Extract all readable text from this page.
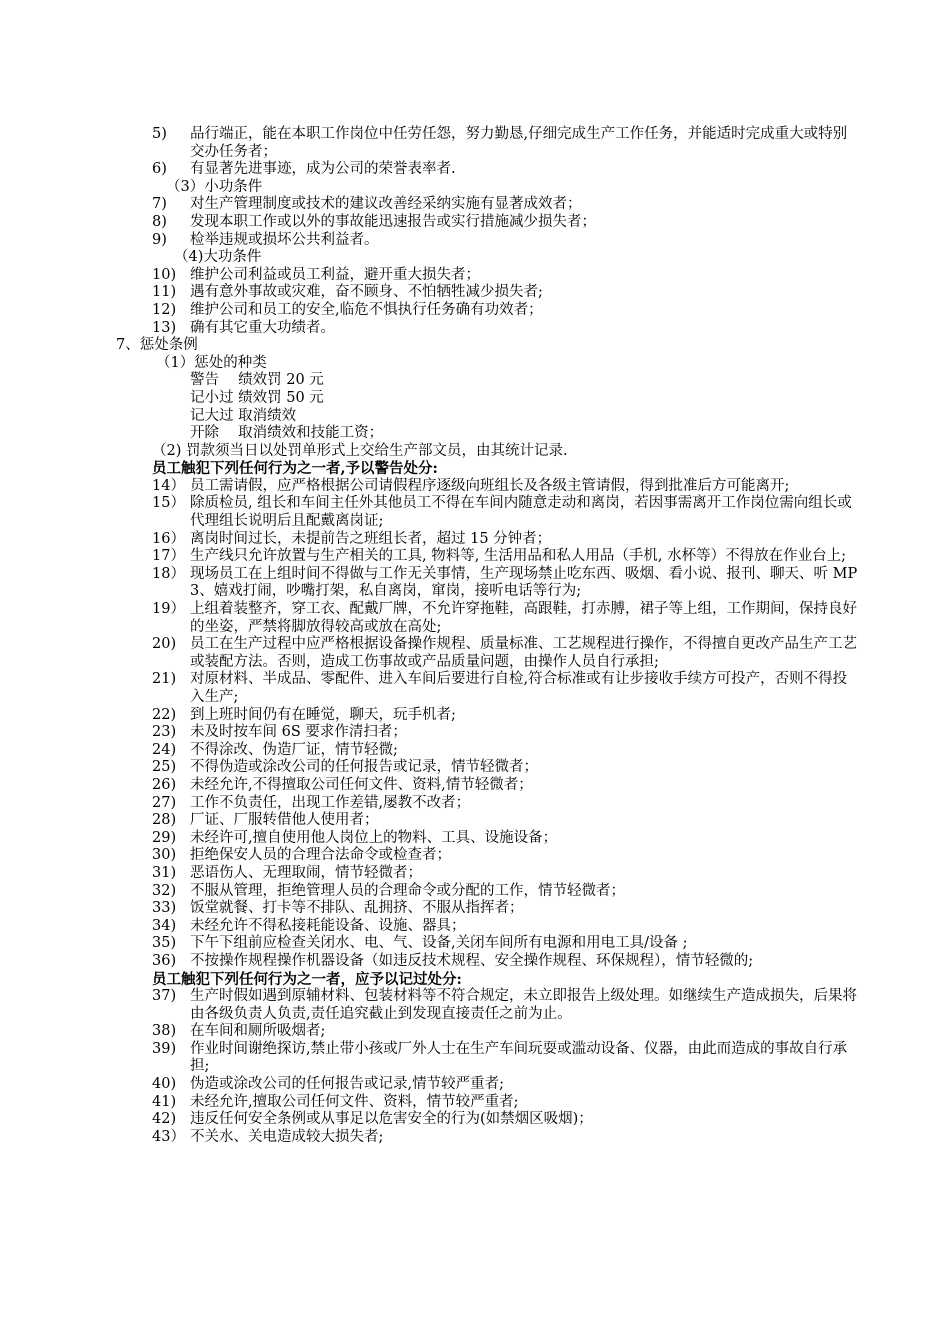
5) 品行端正，能在本职工作岗位中任劳任怨，努力勤恳,仔细完成生产工作任务，并能适时完成重大或特别交办任务者；
6) 有显著先进事迹，成为公司的荣誉表率者.
（3）小功条件
7) 对生产管理制度或技术的建议改善经采纳实施有显著成效者；
8) 发现本职工作或以外的事故能迅速报告或实行措施减少损失者；
9) 检举违规或损坏公共利益者。
（4)大功条件
10) 维护公司利益或员工利益，避开重大损失者；
11) 遇有意外事故或灾难，奋不顾身、不怕牺牲减少损失者;
12) 维护公司和员工的安全,临危不惧执行任务确有功效者；
13) 确有其它重大功绩者。
7、惩处条例
（1）惩处的种类
警告　 绩效罚 20 元
记小过 绩效罚 50 元
记大过 取消绩效
开除　 取消绩效和技能工资；
（2) 罚款须当日以处罚单形式上交给生产部文员，由其统计记录.
员工触犯下列任何行为之一者,予以警告处分:
14） 员工需请假，应严格根据公司请假程序逐级向班组长及各级主管请假，得到批准后方可能离开;
15） 除质检员, 组长和车间主任外其他员工不得在车间内随意走动和离岗，若因事需离开工作岗位需向组长或代理组长说明后且配戴离岗证;
16） 离岗时间过长，未提前告之班组长者，超过 15 分钟者；
17） 生产线只允许放置与生产相关的工具, 物料等, 生活用品和私人用品（手机, 水杯等）不得放在作业台上;
18） 现场员工在上组时间不得做与工作无关事情，生产现场禁止吃东西、吸烟、看小说、报刊、聊天、听 MP3、嬉戏打闹，吵嘴打架，私自离岗，窜岗，接听电话等行为;
19） 上组着装整齐，穿工衣、配戴厂牌，不允许穿拖鞋，高跟鞋，打赤膊，裙子等上组，工作期间，保持良好的坐姿，严禁将脚放得较高或放在高处;
20) 员工在生产过程中应严格根据设备操作规程、质量标准、工艺规程进行操作，不得擅自更改产品生产工艺或装配方法。否则，造成工伤事故或产品质量问题，由操作人员自行承担;
21) 对原材料、半成品、零配件、进入车间后要进行自检,符合标准或有让步接收手续方可投产，否则不得投入生产;
22) 到上班时间仍有在睡觉，聊天，玩手机者;
23) 未及时按车间 6S 要求作清扫者；
24) 不得涂改、伪造厂证，情节轻微;
25) 不得伪造或涂改公司的任何报告或记录，情节轻微者；
26) 未经允许,不得擅取公司任何文件、资料,情节轻微者；
27) 工作不负责任，出现工作差错,屡教不改者；
28) 厂证、厂服转借他人使用者；
29) 未经许可,擅自使用他人岗位上的物料、工具、设施设备；
30) 拒绝保安人员的合理合法命令或检查者；
31) 恶语伤人、无理取闹，情节轻微者；
32) 不服从管理，拒绝管理人员的合理命令或分配的工作，情节轻微者；
33) 饭堂就餐、打卡等不排队、乱拥挤、不服从指挥者；
34) 未经允许不得私接耗能设备、设施、器具；
35) 下午下组前应检查关闭水、电、气、设备,关闭车间所有电源和用电工具/设备 ;
36) 不按操作规程操作机器设备（如违反技术规程、安全操作规程、环保规程），情节轻微的;
员工触犯下列任何行为之一者，应予以记过处分:
37) 生产时假如遇到原辅材料、包装材料等不符合规定，未立即报告上级处理。如继续生产造成损失，后果将由各级负责人负责,责任追究截止到发现直接责任之前为止。
38) 在车间和厕所吸烟者;
39) 作业时间谢绝探访,禁止带小孩或厂外人士在生产车间玩耍或滥动设备、仪器，由此而造成的事故自行承担;
40) 伪造或涂改公司的任何报告或记录,情节较严重者;
41) 未经允许,擅取公司任何文件、资料，情节较严重者;
42) 违反任何安全条例或从事足以危害安全的行为(如禁烟区吸烟)；
43） 不关水、关电造成较大损失者;
